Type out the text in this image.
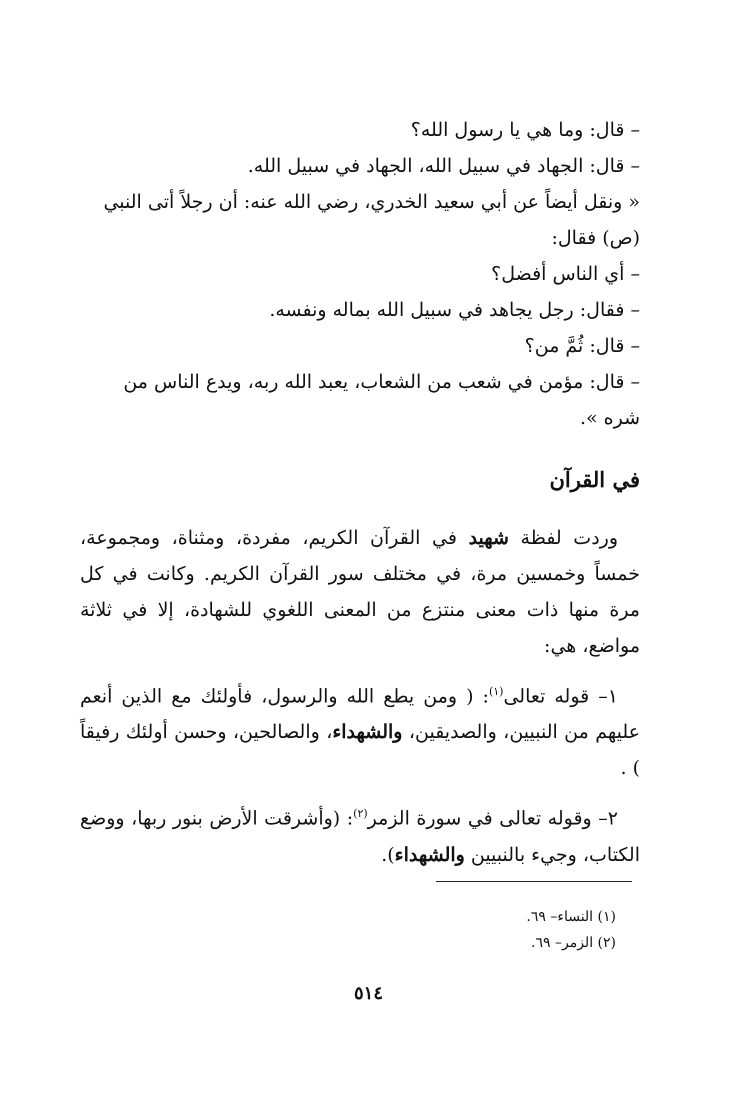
– قال: وما هي يا رسول الله؟
– قال: الجهاد في سبيل الله، الجهاد في سبيل الله.
« ونقل أيضاً عن أبي سعيد الخدري، رضي الله عنه: أن رجلاً أتى النبي
(ص) فقال:
– أي الناس أفضل؟
– فقال: رجل يجاهد في سبيل الله بماله ونفسه.
– قال: ثُمَّ من؟
– قال: مؤمن في شعب من الشعاب، يعبد الله ربه، ويدع الناس من
شره ».
في القرآن
وردت لفظة شهيد في القرآن الكريم، مفردة، ومثناة، ومجموعة، خمساً وخمسين مرة، في مختلف سور القرآن الكريم. وكانت في كل مرة منها ذات معنى منتزع من المعنى اللغوي للشهادة، إلا في ثلاثة مواضع، هي:
١– قوله تعالى$^{(١)}$: ( ومن يطع الله والرسول، فأولئك مع الذين أنعم عليهم من النبيين، والصديقين، والشهداء، والصالحين، وحسن أولئك رفيقاً ) .
٢– وقوله تعالى في سورة الزمر$^{(٢)}$: (وأشرقت الأرض بنور ربها، ووضع الكتاب، وجيء بالنبيين والشهداء).
(١) النساء– ٦٩.
(٢) الزمر– ٦٩.
٥١٤
